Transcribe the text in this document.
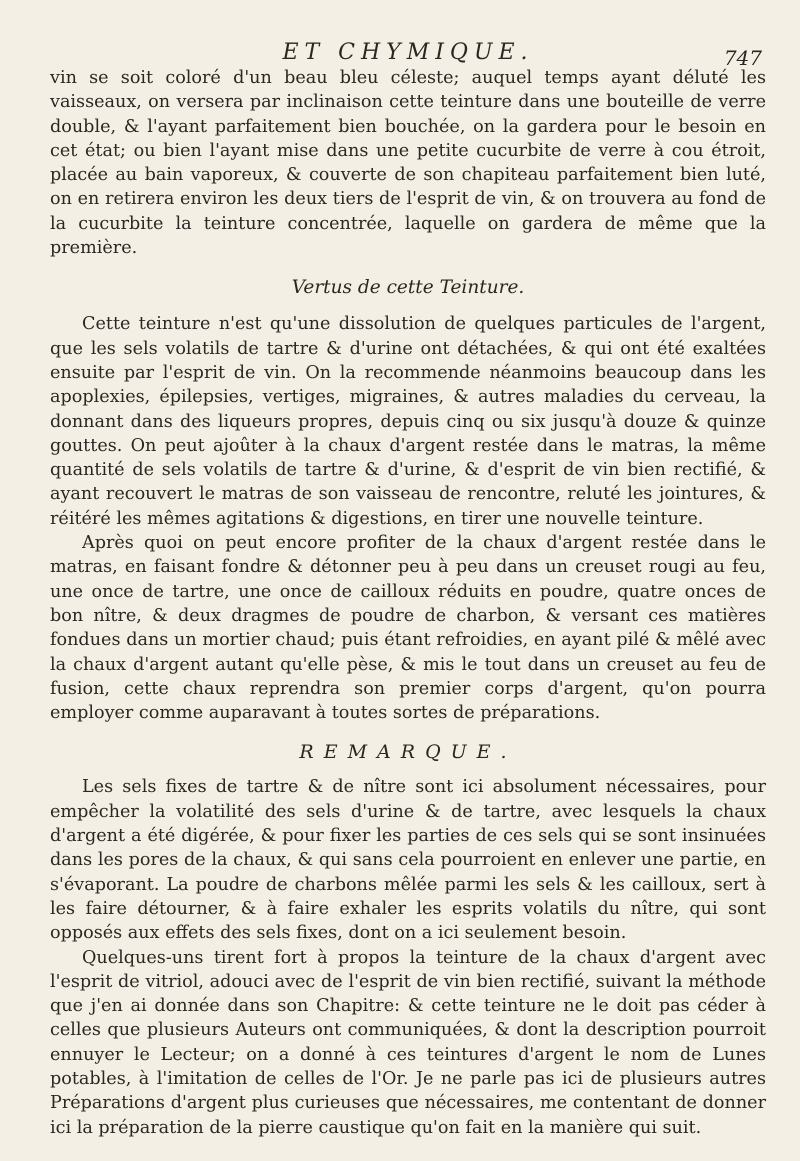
ET CHYMIQUE.	747

vin se soit coloré d'un beau bleu céleste; auquel temps ayant déluté les vaisseaux, on versera par inclinaison cette teinture dans une bouteille de verre double, & l'ayant parfaitement bien bouchée, on la gardera pour le besoin en cet état; ou bien l'ayant mise dans une petite cucurbite de verre à cou étroit, placée au bain vaporeux, & couverte de son chapiteau parfaitement bien luté, on en retirera environ les deux tiers de l'esprit de vin, & on trouvera au fond de la cucurbite la teinture concentrée, laquelle on gardera de même que la première.

Vertus de cette Teinture.

Cette teinture n'est qu'une dissolution de quelques particules de l'argent, que les sels volatils de tartre & d'urine ont détachées, & qui ont été exaltées ensuite par l'esprit de vin. On la recommende néanmoins beaucoup dans les apoplexies, épilepsies, vertiges, migraines, & autres maladies du cerveau, la donnant dans des liqueurs propres, depuis cinq ou six jusqu'à douze & quinze gouttes. On peut ajoûter à la chaux d'argent restée dans le matras, la même quantité de sels volatils de tartre & d'urine, & d'esprit de vin bien rectifié, & ayant recouvert le matras de son vaisseau de rencontre, reluté les jointures, & réitéré les mêmes agitations & digestions, en tirer une nouvelle teinture.

Après quoi on peut encore profiter de la chaux d'argent restée dans le matras, en faisant fondre & détonner peu à peu dans un creuset rougi au feu, une once de tartre, une once de cailloux réduits en poudre, quatre onces de bon nître, & deux dragmes de poudre de charbon, & versant ces matières fondues dans un mortier chaud; puis étant refroidies, en ayant pilé & mêlé avec la chaux d'argent autant qu'elle pèse, & mis le tout dans un creuset au feu de fusion, cette chaux reprendra son premier corps d'argent, qu'on pourra employer comme auparavant à toutes sortes de préparations.

REMARQUE.

Les sels fixes de tartre & de nître sont ici absolument nécessaires, pour empêcher la volatilité des sels d'urine & de tartre, avec lesquels la chaux d'argent a été digérée, & pour fixer les parties de ces sels qui se sont insinuées dans les pores de la chaux, & qui sans cela pourroient en enlever une partie, en s'évaporant. La poudre de charbons mêlée parmi les sels & les cailloux, sert à les faire détourner, & à faire exhaler les esprits volatils du nître, qui sont opposés aux effets des sels fixes, dont on a ici seulement besoin.

Quelques-uns tirent fort à propos la teinture de la chaux d'argent avec l'esprit de vitriol, adouci avec de l'esprit de vin bien rectifié, suivant la méthode que j'en ai donnée dans son Chapitre: & cette teinture ne le doit pas céder à celles que plusieurs Auteurs ont communiquées, & dont la description pourroit ennuyer le Lecteur; on a donné à ces teintures d'argent le nom de Lunes potables, à l'imitation de celles de l'Or. Je ne parle pas ici de plusieurs autres Préparations d'argent plus curieuses que nécessaires, me contentant de donner ici la préparation de la pierre caustique qu'on fait en la manière qui suit.
